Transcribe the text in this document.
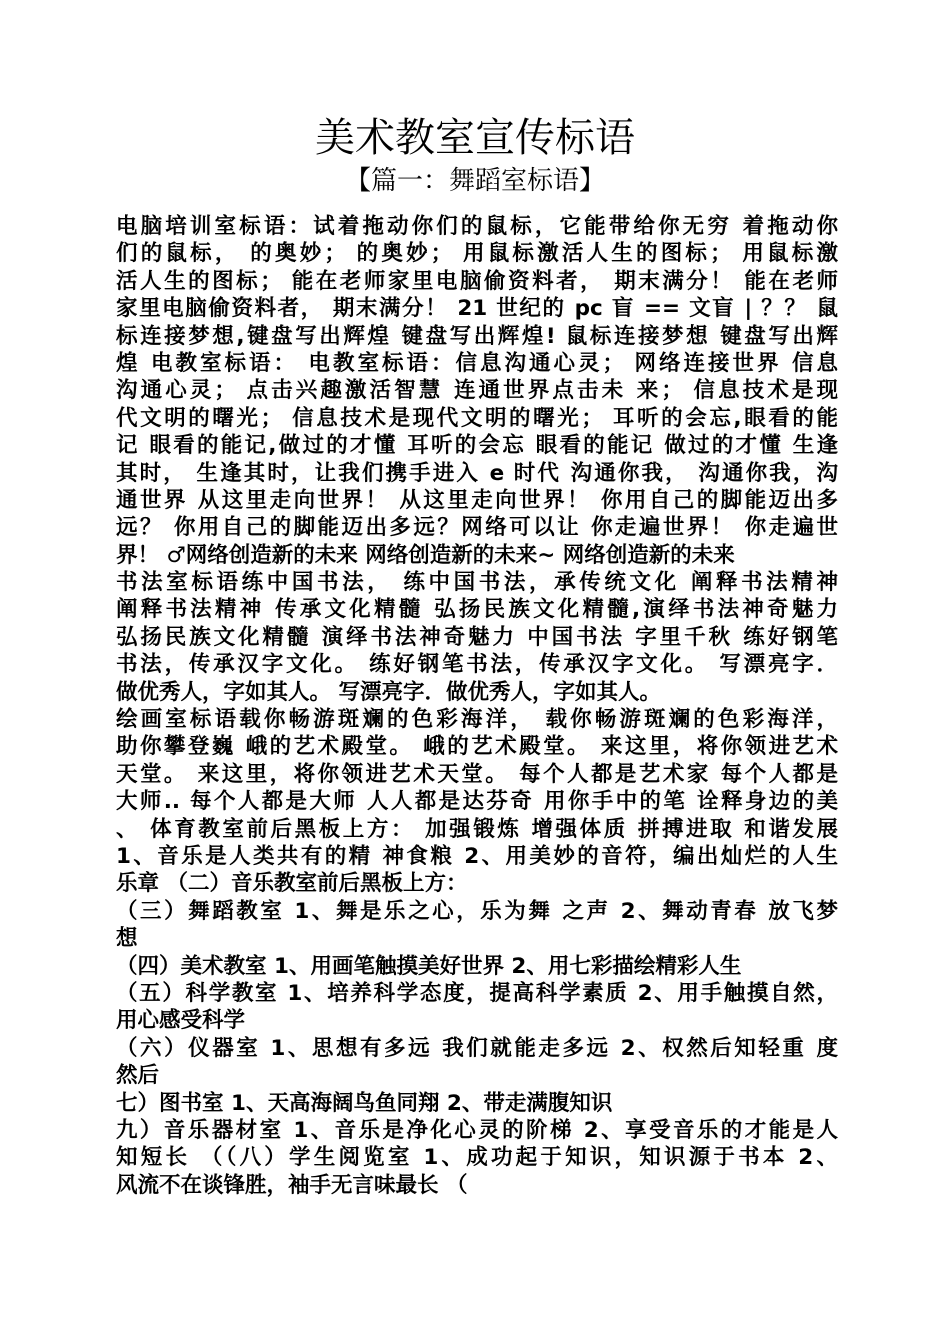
美术教室宣传标语
【篇一：舞蹈室标语】
电脑培训室标语：试着拖动你们的鼠标，它能带给你无穷 着拖动你
们的鼠标， 的奥妙； 的奥妙； 用鼠标激活人生的图标； 用鼠标激
活人生的图标； 能在老师家里电脑偷资料者， 期末满分！ 能在老师
家里电脑偷资料者， 期末满分！ 21 世纪的 pc 盲 == 文盲 | ？？ 鼠
标连接梦想,键盘写出辉煌 键盘写出辉煌! 鼠标连接梦想 键盘写出辉
煌 电教室标语： 电教室标语：信息沟通心灵； 网络连接世界 信息
沟通心灵； 点击兴趣激活智慧 连通世界点击未 来； 信息技术是现
代文明的曙光； 信息技术是现代文明的曙光； 耳听的会忘,眼看的能
记 眼看的能记,做过的才懂 耳听的会忘 眼看的能记 做过的才懂 生逢
其时， 生逢其时，让我们携手进入 e 时代 沟通你我， 沟通你我，沟
通世界 从这里走向世界！ 从这里走向世界！ 你用自己的脚能迈出多
远？ 你用自己的脚能迈出多远？网络可以让 你走遍世界！ 你走遍世
界！ ♂网络创造新的未来 网络创造新的未来~ 网络创造新的未来
书法室标语练中国书法， 练中国书法，承传统文化 阐释书法精神
阐释书法精神 传承文化精髓 弘扬民族文化精髓,演绎书法神奇魅力
弘扬民族文化精髓 演绎书法神奇魅力 中国书法 字里千秋 练好钢笔
书法，传承汉字文化。 练好钢笔书法，传承汉字文化。 写漂亮字．
做优秀人，字如其人。 写漂亮字．做优秀人，字如其人。
绘画室标语载你畅游斑斓的色彩海洋， 载你畅游斑斓的色彩海洋，
助你攀登巍 峨的艺术殿堂。 峨的艺术殿堂。 来这里，将你领进艺术
天堂。 来这里，将你领进艺术天堂。 每个人都是艺术家 每个人都是
大师.. 每个人都是大师 人人都是达芬奇 用你手中的笔 诠释身边的美
、 体育教室前后黑板上方： 加强锻炼 增强体质 拼搏进取 和谐发展
1、音乐是人类共有的精 神食粮 2、用美妙的音符，编出灿烂的人生
乐章 （二）音乐教室前后黑板上方：
（三）舞蹈教室 1、舞是乐之心，乐为舞 之声 2、舞动青春 放飞梦
想
（四）美术教室 1、用画笔触摸美好世界 2、用七彩描绘精彩人生
（五）科学教室 1、培养科学态度，提高科学素质 2、用手触摸自然，
用心感受科学
（六）仪器室 1、思想有多远 我们就能走多远 2、权然后知轻重 度
然后
七）图书室 1、天高海阔鸟鱼同翔 2、带走满腹知识
九）音乐器材室 1、音乐是净化心灵的阶梯 2、享受音乐的才能是人
知短长 （（八）学生阅览室 1、成功起于知识，知识源于书本 2、
风流不在谈锋胜，袖手无言味最长 （
